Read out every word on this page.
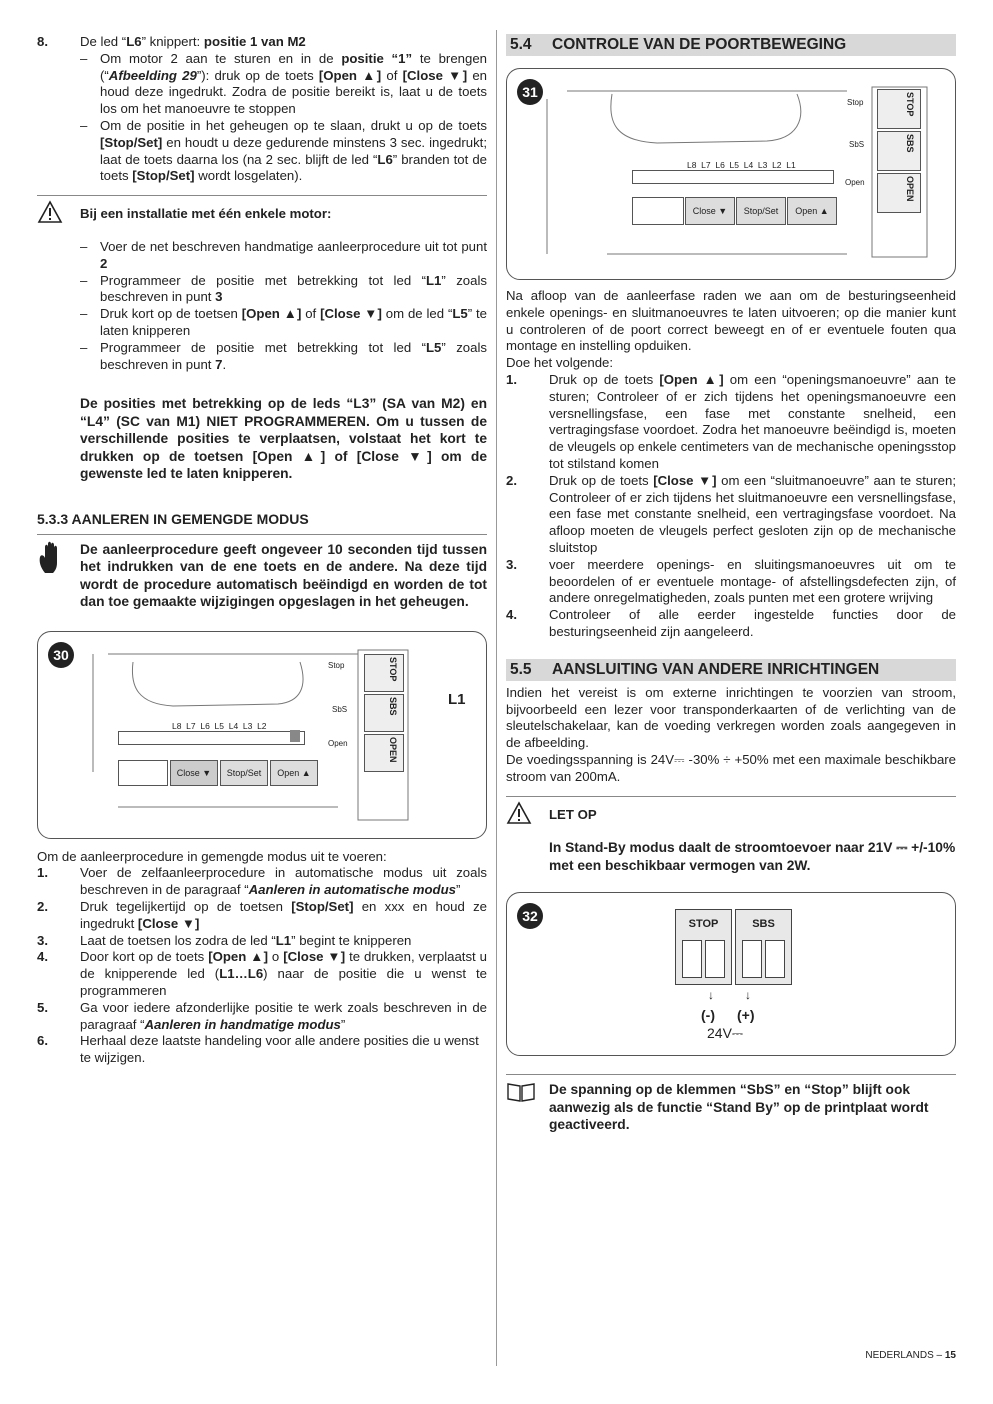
8.	De led “L6” knippert: positie 1 van M2
– Om motor 2 aan te sturen en in de positie “1” te brengen (“Afbeelding 29”): druk op de toets [Open ▲] of [Close ▼] en houd deze ingedrukt. Zodra de positie bereikt is, laat u de toets los om het manoeuvre te stoppen
– Om de positie in het geheugen op te slaan, drukt u op de toets [Stop/Set] en houdt u deze gedurende minstens 3 sec. ingedrukt; laat de toets daarna los (na 2 sec. blijft de led “L6” branden tot de toets [Stop/Set] wordt losgelaten).
Bij een installatie met één enkele motor:
– Voer de net beschreven handmatige aanleerprocedure uit tot punt 2
– Programmeer de positie met betrekking tot led “L1” zoals beschreven in punt 3
– Druk kort op de toetsen [Open ▲] of [Close ▼] om de led “L5” te laten knipperen
– Programmeer de positie met betrekking tot led “L5” zoals beschreven in punt 7.

De posities met betrekking op de leds “L3” (SA van M2) en “L4” (SC van M1) NIET PROGRAMMEREN. Om u tussen de verschillende posities te verplaatsen, volstaat het kort te drukken op de toetsen [Open ▲] of [Close ▼] om de gewenste led te laten knipperen.

5.3.3 AANLEREN IN GEMENGDE MODUS

De aanleerprocedure geeft ongeveer 10 seconden tijd tussen het indrukken van de ene toets en de andere. Na deze tijd wordt de procedure automatisch beëindigd en worden de tot dan toe gemaakte wijzigingen opgeslagen in het geheugen.

30
Stop
SbS
Open
STOP
SBS
OPEN
L8  L7  L6  L5  L4  L3  L2
L1
Close ▼	Stop/Set	Open ▲

Om de aanleerprocedure in gemengde modus uit te voeren:

1.	Voer de zelfaanleerprocedure in automatische modus uit zoals beschreven in de paragraaf “Aanleren in automatische modus”
2.	Druk tegelijkertijd op de toetsen [Stop/Set] en xxx en houd ze ingedrukt [Close ▼]
3.	Laat de toetsen los zodra de led “L1” begint te knipperen
4.	Door kort op de toets [Open ▲] o [Close ▼] te drukken, verplaatst u de knipperende led (L1…L6) naar de positie die u wenst te programmeren
5.	Ga voor iedere afzonderlijke positie te werk zoals beschreven in de paragraaf “Aanleren in handmatige modus”
6.	Herhaal deze laatste handeling voor alle andere posities die u wenst te wijzigen.
5.4	CONTROLE VAN DE POORTBEWEGING
31
Stop
SbS
Open
STOP
SBS
OPEN
L8  L7  L6  L5  L4  L3  L2  L1
Close ▼	Stop/Set	Open ▲

Na afloop van de aanleerfase raden we aan om de besturingseenheid enkele openings- en sluitmanoeuvres te laten uitvoeren; op die manier kunt u controleren of de poort correct beweegt en of er eventuele fouten qua montage en instelling opduiken.

Doe het volgende:

1.	Druk op de toets [Open ▲] om een “openingsmanoeuvre” aan te sturen; Controleer of er zich tijdens het openingsmanoeuvre een versnellingsfase, een fase met constante snelheid, een vertragingsfase voordoet. Zodra het manoeuvre beëindigd is, moeten de vleugels op enkele centimeters van de mechanische openingsstop tot stilstand komen
2.	Druk op de toets [Close ▼] om een “sluitmanoeuvre” aan te sturen; Controleer of er zich tijdens het sluitmanoeuvre een versnellingsfase, een fase met constante snelheid, een vertragingsfase voordoet. Na afloop moeten de vleugels perfect gesloten zijn op de mechanische sluitstop
3.	voer meerdere openings- en sluitingsmanoeuvres uit om te beoordelen of er eventuele montage- of afstellingsdefecten zijn, of andere onregelmatigheden, zoals punten met een grotere wrijving
4.	Controleer of alle eerder ingestelde functies door de besturingseenheid zijn aangeleerd.
5.5	AANSLUITING VAN ANDERE INRICHTINGEN

Indien het vereist is om externe inrichtingen te voorzien van stroom, bijvoorbeeld een lezer voor transponderkaarten of de verlichting van de sleutelschakelaar, kan de voeding verkregen worden zoals aangegeven in de afbeelding.

De voedingsspanning is 24V⎓ -30% ÷ +50% met een maximale beschikbare stroom van 200mA.

LET OP

In Stand-By modus daalt de stroomtoevoer naar 21V ⎓ +/-10% met een beschikbaar vermogen van 2W.

32	STOP	SBS
↓	↓
(-) (+)
24V⎓

De spanning op de klemmen “SbS” en “Stop” blijft ook aanwezig als de functie “Stand By” op de printplaat wordt geactiveerd.

NEDERLANDS – 15
